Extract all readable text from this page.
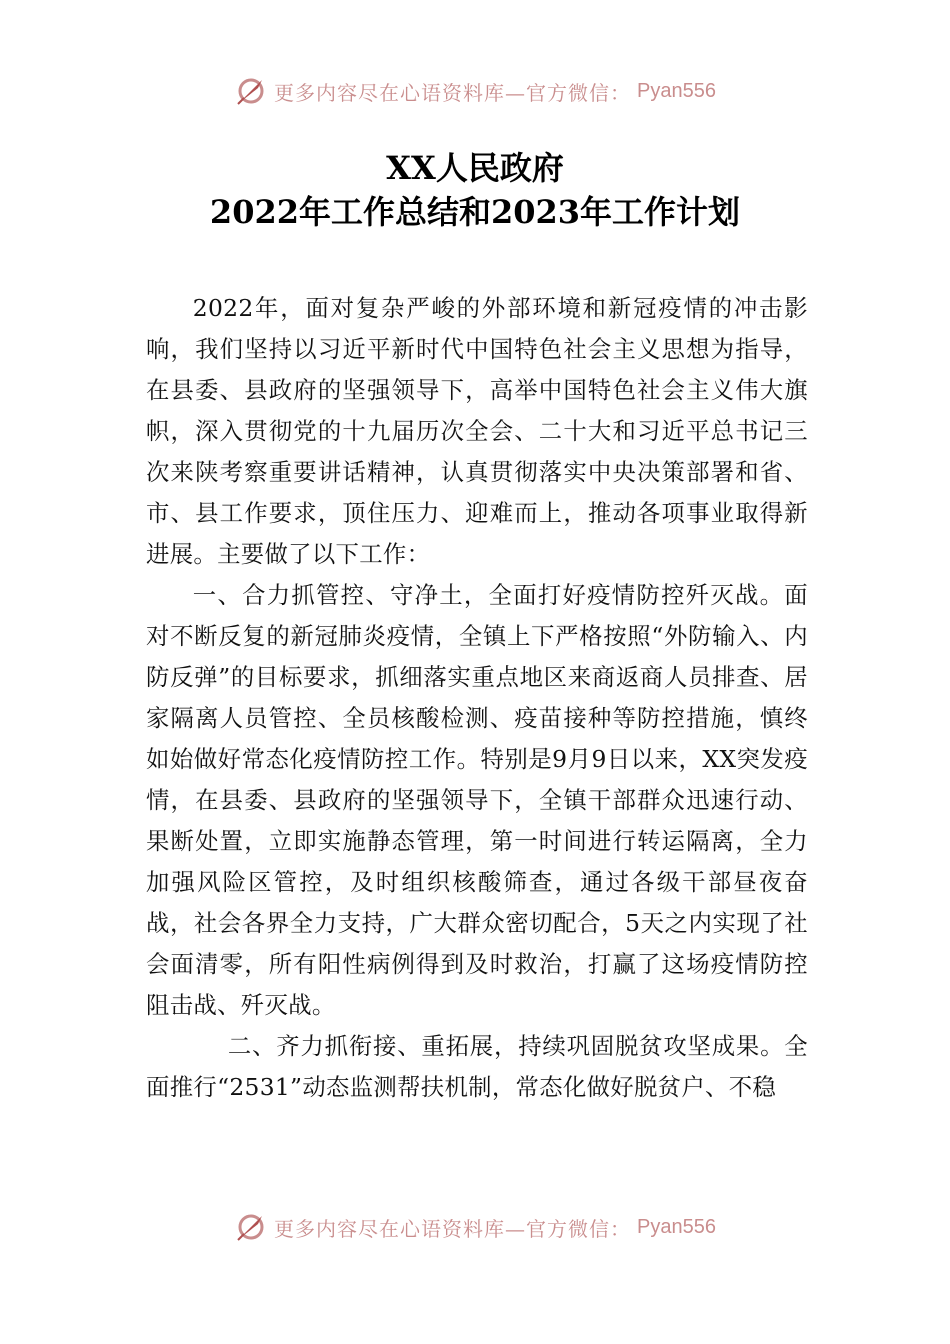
更多内容尽在心语资料库—官方微信： Pyan556
XX人民政府
2022年工作总结和2023年工作计划

2022年，面对复杂严峻的外部环境和新冠疫情的冲击影响，我们坚持以习近平新时代中国特色社会主义思想为指导，在县委、县政府的坚强领导下，高举中国特色社会主义伟大旗帜，深入贯彻党的十九届历次全会、二十大和习近平总书记三次来陕考察重要讲话精神，认真贯彻落实中央决策部署和省、市、县工作要求，顶住压力、迎难而上，推动各项事业取得新进展。主要做了以下工作：

一、合力抓管控、守净土，全面打好疫情防控歼灭战。面对不断反复的新冠肺炎疫情，全镇上下严格按照“外防输入、内防反弹”的目标要求，抓细落实重点地区来商返商人员排查、居家隔离人员管控、全员核酸检测、疫苗接种等防控措施，慎终如始做好常态化疫情防控工作。特别是9月9日以来，XX突发疫情，在县委、县政府的坚强领导下，全镇干部群众迅速行动、果断处置，立即实施静态管理，第一时间进行转运隔离，全力加强风险区管控，及时组织核酸筛查，通过各级干部昼夜奋战，社会各界全力支持，广大群众密切配合，5天之内实现了社会面清零，所有阳性病例得到及时救治，打赢了这场疫情防控阻击战、歼灭战。

二、齐力抓衔接、重拓展，持续巩固脱贫攻坚成果。全面推行“2531”动态监测帮扶机制，常态化做好脱贫户、不稳

更多内容尽在心语资料库—官方微信： Pyan556
